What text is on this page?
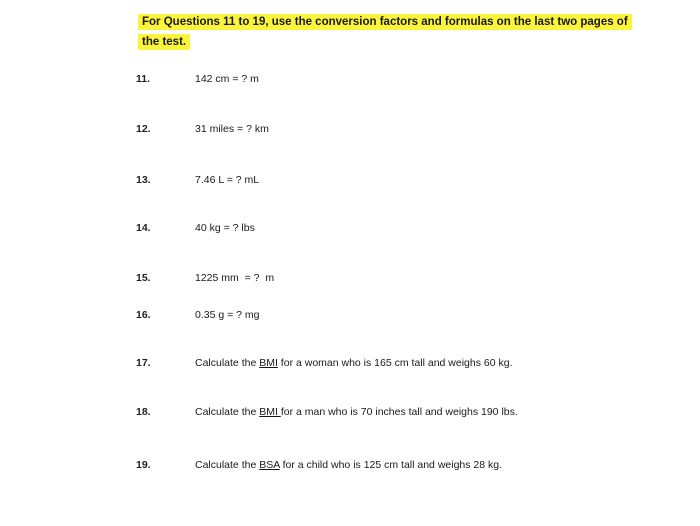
For Questions 11 to 19, use the conversion factors and formulas on the last two pages of the test.
11.	142 cm = ? m
12.	31 miles = ? km
13.	7.46 L = ? mL
14.	40 kg = ? lbs
15.	1225 mm  = ?  m
16.	0.35 g = ? mg
17.	Calculate the BMI for a woman who is 165 cm tall and weighs 60 kg.
18.	Calculate the BMI for a man who is 70 inches tall and weighs 190 lbs.
19.	Calculate the BSA for a child who is 125 cm tall and weighs 28 kg.
